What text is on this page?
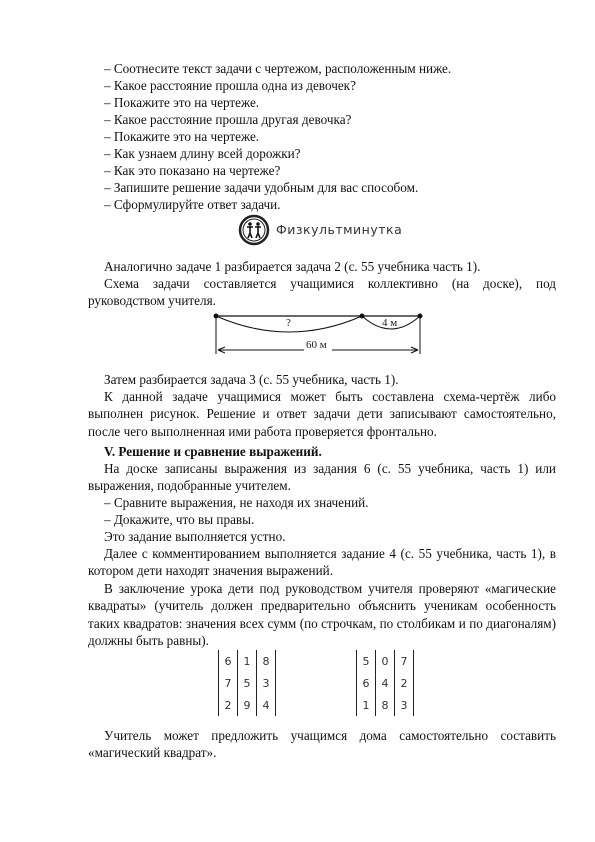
– Соотнесите текст задачи с чертежом, расположенным ниже.
– Какое расстояние прошла одна из девочек?
– Покажите это на чертеже.
– Какое расстояние прошла другая девочка?
– Покажите это на чертеже.
– Как узнаем длину всей дорожки?
– Как это показано на чертеже?
– Запишите решение задачи удобным для вас способом.
– Сформулируйте ответ задачи.
Физкультминутка
Аналогично задаче 1 разбирается задача 2 (с. 55 учебника часть 1).
Схема задачи составляется учащимися коллективно (на доске), под руководством учителя.
?	4 м
60 м
Затем разбирается задача 3 (с. 55 учебника, часть 1).
К данной задаче учащимися может быть составлена схема-чертёж либо выполнен рисунок. Решение и ответ задачи дети записывают самостоятельно, после чего выполненная ими работа проверяется фронтально.
V. Решение и сравнение выражений.
На доске записаны выражения из задания 6 (с. 55 учебника, часть 1) или выражения, подобранные учителем.
– Сравните выражения, не находя их значений.
– Докажите, что вы правы.
Это задание выполняется устно.
Далее с комментированием выполняется задание 4 (с. 55 учебника, часть 1), в котором дети находят значения выражений.
В заключение урока дети под руководством учителя проверяют «магические квадраты» (учитель должен предварительно объяснить ученикам особенность таких квадратов: значения всех сумм (по строчкам, по столбикам и по диагоналям) должны быть равны).
6	1	8
7	5	3
2	9	4
5	0	7
6	4	2
1	8	3
Учитель может предложить учащимся дома самостоятельно составить «магический квадрат».
